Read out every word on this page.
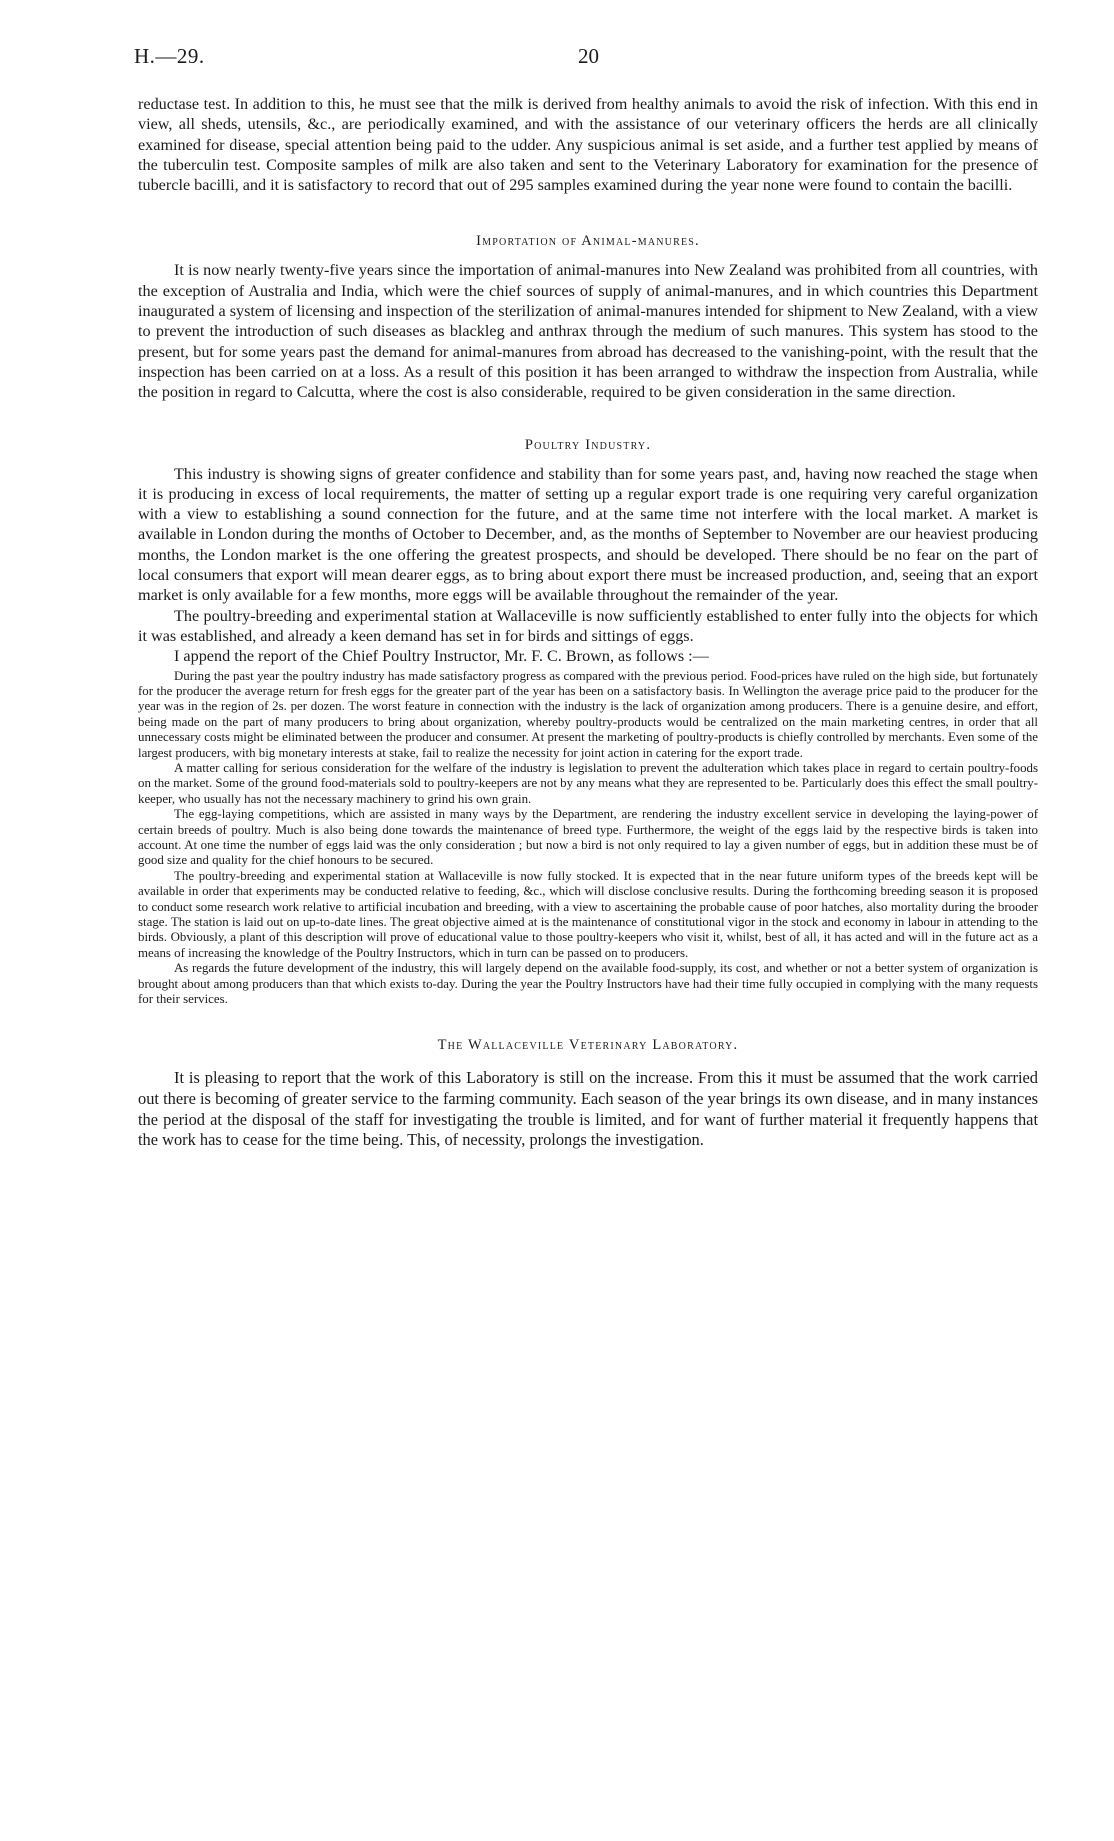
H.—29.	20

reductase test. In addition to this, he must see that the milk is derived from healthy animals to avoid the risk of infection. With this end in view, all sheds, utensils, &c., are periodically examined, and with the assistance of our veterinary officers the herds are all clinically examined for disease, special attention being paid to the udder. Any suspicious animal is set aside, and a further test applied by means of the tuberculin test. Composite samples of milk are also taken and sent to the Veterinary Laboratory for examination for the presence of tubercle bacilli, and it is satisfactory to record that out of 295 samples examined during the year none were found to contain the bacilli.

Importation of Animal-manures.

It is now nearly twenty-five years since the importation of animal-manures into New Zealand was prohibited from all countries, with the exception of Australia and India, which were the chief sources of supply of animal-manures, and in which countries this Department inaugurated a system of licensing and inspection of the sterilization of animal-manures intended for shipment to New Zealand, with a view to prevent the introduction of such diseases as blackleg and anthrax through the medium of such manures. This system has stood to the present, but for some years past the demand for animal-manures from abroad has decreased to the vanishing-point, with the result that the inspection has been carried on at a loss. As a result of this position it has been arranged to withdraw the inspection from Australia, while the position in regard to Calcutta, where the cost is also considerable, required to be given consideration in the same direction.

Poultry Industry.

This industry is showing signs of greater confidence and stability than for some years past, and, having now reached the stage when it is producing in excess of local requirements, the matter of setting up a regular export trade is one requiring very careful organization with a view to establishing a sound connection for the future, and at the same time not interfere with the local market. A market is available in London during the months of October to December, and, as the months of September to November are our heaviest producing months, the London market is the one offering the greatest prospects, and should be developed. There should be no fear on the part of local consumers that export will mean dearer eggs, as to bring about export there must be increased production, and, seeing that an export market is only available for a few months, more eggs will be available throughout the remainder of the year.

The poultry-breeding and experimental station at Wallaceville is now sufficiently established to enter fully into the objects for which it was established, and already a keen demand has set in for birds and sittings of eggs.

I append the report of the Chief Poultry Instructor, Mr. F. C. Brown, as follows :—

During the past year the poultry industry has made satisfactory progress as compared with the previous period. Food-prices have ruled on the high side, but fortunately for the producer the average return for fresh eggs for the greater part of the year has been on a satisfactory basis. In Wellington the average price paid to the producer for the year was in the region of 2s. per dozen. The worst feature in connection with the industry is the lack of organization among producers. There is a genuine desire, and effort, being made on the part of many producers to bring about organization, whereby poultry-products would be centralized on the main marketing centres, in order that all unnecessary costs might be eliminated between the producer and consumer. At present the marketing of poultry-products is chiefly controlled by merchants. Even some of the largest producers, with big monetary interests at stake, fail to realize the necessity for joint action in catering for the export trade.

A matter calling for serious consideration for the welfare of the industry is legislation to prevent the adulteration which takes place in regard to certain poultry-foods on the market. Some of the ground food-materials sold to poultry-keepers are not by any means what they are represented to be. Particularly does this effect the small poultry-keeper, who usually has not the necessary machinery to grind his own grain.

The egg-laying competitions, which are assisted in many ways by the Department, are rendering the industry excellent service in developing the laying-power of certain breeds of poultry. Much is also being done towards the maintenance of breed type. Furthermore, the weight of the eggs laid by the respective birds is taken into account. At one time the number of eggs laid was the only consideration ; but now a bird is not only required to lay a given number of eggs, but in addition these must be of good size and quality for the chief honours to be secured.

The poultry-breeding and experimental station at Wallaceville is now fully stocked. It is expected that in the near future uniform types of the breeds kept will be available in order that experiments may be conducted relative to feeding, &c., which will disclose conclusive results. During the forthcoming breeding season it is proposed to conduct some research work relative to artificial incubation and breeding, with a view to ascertaining the probable cause of poor hatches, also mortality during the brooder stage. The station is laid out on up-to-date lines. The great objective aimed at is the maintenance of constitutional vigor in the stock and economy in labour in attending to the birds. Obviously, a plant of this description will prove of educational value to those poultry-keepers who visit it, whilst, best of all, it has acted and will in the future act as a means of increasing the knowledge of the Poultry Instructors, which in turn can be passed on to producers.

As regards the future development of the industry, this will largely depend on the available food-supply, its cost, and whether or not a better system of organization is brought about among producers than that which exists to-day. During the year the Poultry Instructors have had their time fully occupied in complying with the many requests for their services.

The Wallaceville Veterinary Laboratory.

It is pleasing to report that the work of this Laboratory is still on the increase. From this it must be assumed that the work carried out there is becoming of greater service to the farming community. Each season of the year brings its own disease, and in many instances the period at the disposal of the staff for investigating the trouble is limited, and for want of further material it frequently happens that the work has to cease for the time being. This, of necessity, prolongs the investigation.
